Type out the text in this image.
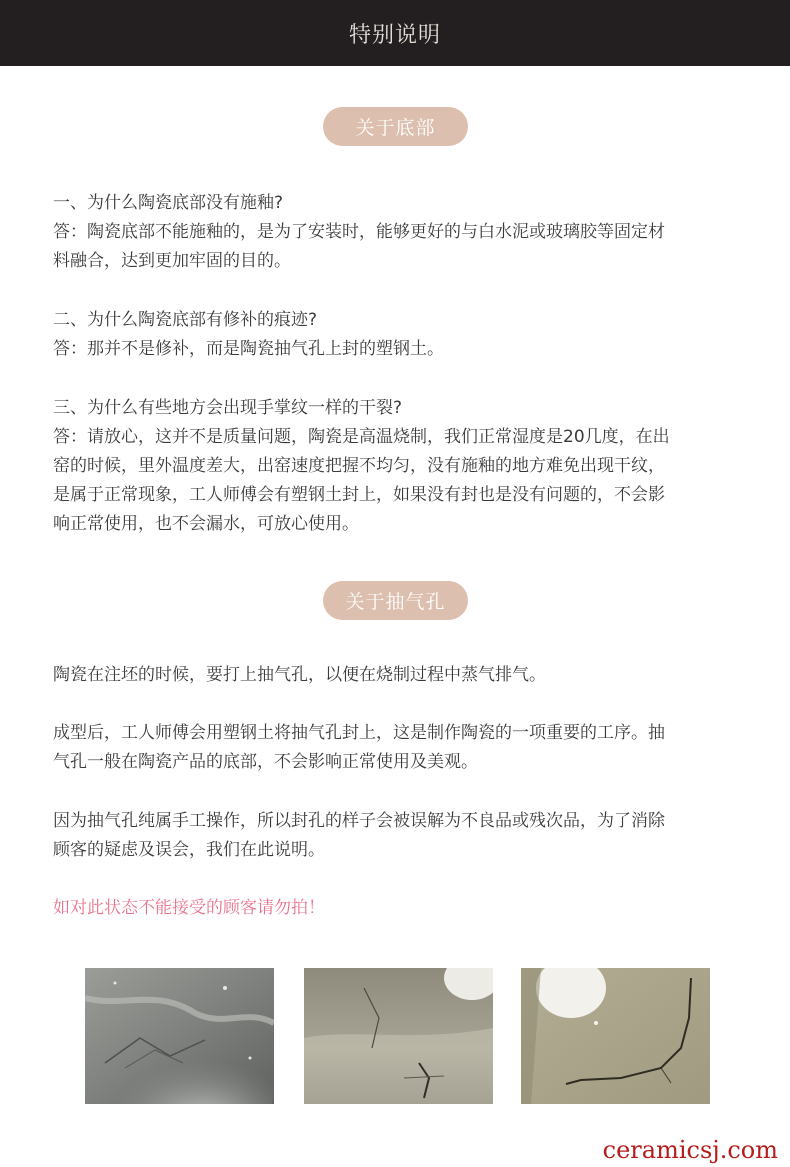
特别说明
关于底部

一、为什么陶瓷底部没有施釉?
答：陶瓷底部不能施釉的，是为了安装时，能够更好的与白水泥或玻璃胶等固定材
料融合，达到更加牢固的目的。

二、为什么陶瓷底部有修补的痕迹?
答：那并不是修补，而是陶瓷抽气孔上封的塑钢土。

三、为什么有些地方会出现手掌纹一样的干裂?
答：请放心，这并不是质量问题，陶瓷是高温烧制，我们正常湿度是20几度，在出
窑的时候，里外温度差大，出窑速度把握不均匀，没有施釉的地方难免出现干纹，
是属于正常现象，工人师傅会有塑钢土封上，如果没有封也是没有问题的，不会影
响正常使用，也不会漏水，可放心使用。

关于抽气孔

陶瓷在注坯的时候，要打上抽气孔，以便在烧制过程中蒸气排气。

成型后，工人师傅会用塑钢土将抽气孔封上，这是制作陶瓷的一项重要的工序。抽
气孔一般在陶瓷产品的底部，不会影响正常使用及美观。

因为抽气孔纯属手工操作，所以封孔的样子会被误解为不良品或残次品，为了消除
顾客的疑虑及误会，我们在此说明。

如对此状态不能接受的顾客请勿拍！

ceramicsj.com
